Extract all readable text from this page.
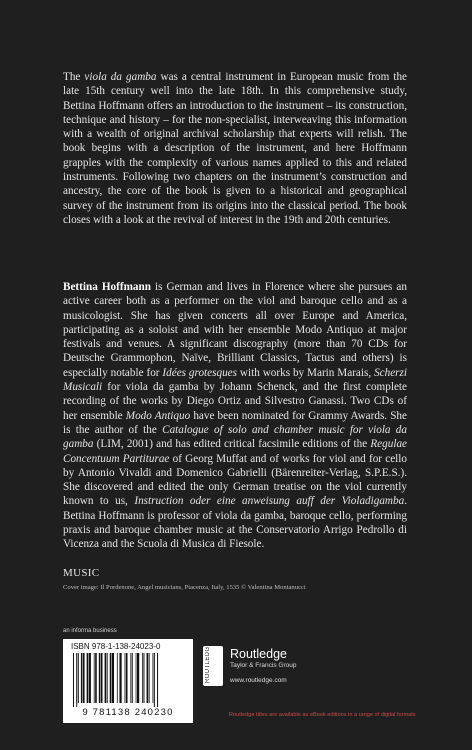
The viola da gamba was a central instrument in European music from the late 15th century well into the late 18th. In this comprehensive study, Bettina Hoffmann offers an introduction to the instrument – its construction, technique and history – for the non-specialist, interweaving this information with a wealth of original archival scholarship that experts will relish. The book begins with a description of the instrument, and here Hoffmann grapples with the complexity of various names applied to this and related instruments. Following two chapters on the instrument’s construction and ancestry, the core of the book is given to a historical and geographical survey of the instrument from its origins into the classical period. The book closes with a look at the revival of interest in the 19th and 20th centuries.

Bettina Hoffmann is German and lives in Florence where she pursues an active career both as a performer on the viol and baroque cello and as a musicologist. She has given concerts all over Europe and America, participating as a soloist and with her ensemble Modo Antiquo at major festivals and venues. A significant discography (more than 70 CDs for Deutsche Grammophon, Naïve, Brilliant Classics, Tactus and others) is especially notable for Idées grotesques with works by Marin Marais, Scherzi Musicali for viola da gamba by Johann Schenck, and the first complete recording of the works by Diego Ortiz and Silvestro Ganassi. Two CDs of her ensemble Modo Antiquo have been nominated for Grammy Awards. She is the author of the Catalogue of solo and chamber music for viola da gamba (LIM, 2001) and has edited critical facsimile editions of the Regulae Concentuum Partiturae of Georg Muffat and of works for viol and for cello by Antonio Vivaldi and Domenico Gabrielli (Bärenreiter-Verlag, S.P.E.S.). She discovered and edited the only German treatise on the viol currently known to us, Instruction oder eine anweisung auff der Violadigamba. Bettina Hoffmann is professor of viola da gamba, baroque cello, performing praxis and baroque chamber music at the Conservatorio Arrigo Pedrollo di Vicenza and the Scuola di Musica di Fiesole.

MUSIC
Cover image: Il Pordenone, Angel musicians, Piacenza, Italy, 1535 © Valentina Montanucci
an informa business
ISBN 978-1-138-24023-0
9 781138 240230
ROUTLEDGE Routledge
Taylor & Francis Group
www.routledge.com
Routledge titles are available as eBook editions in a range of digital formats
